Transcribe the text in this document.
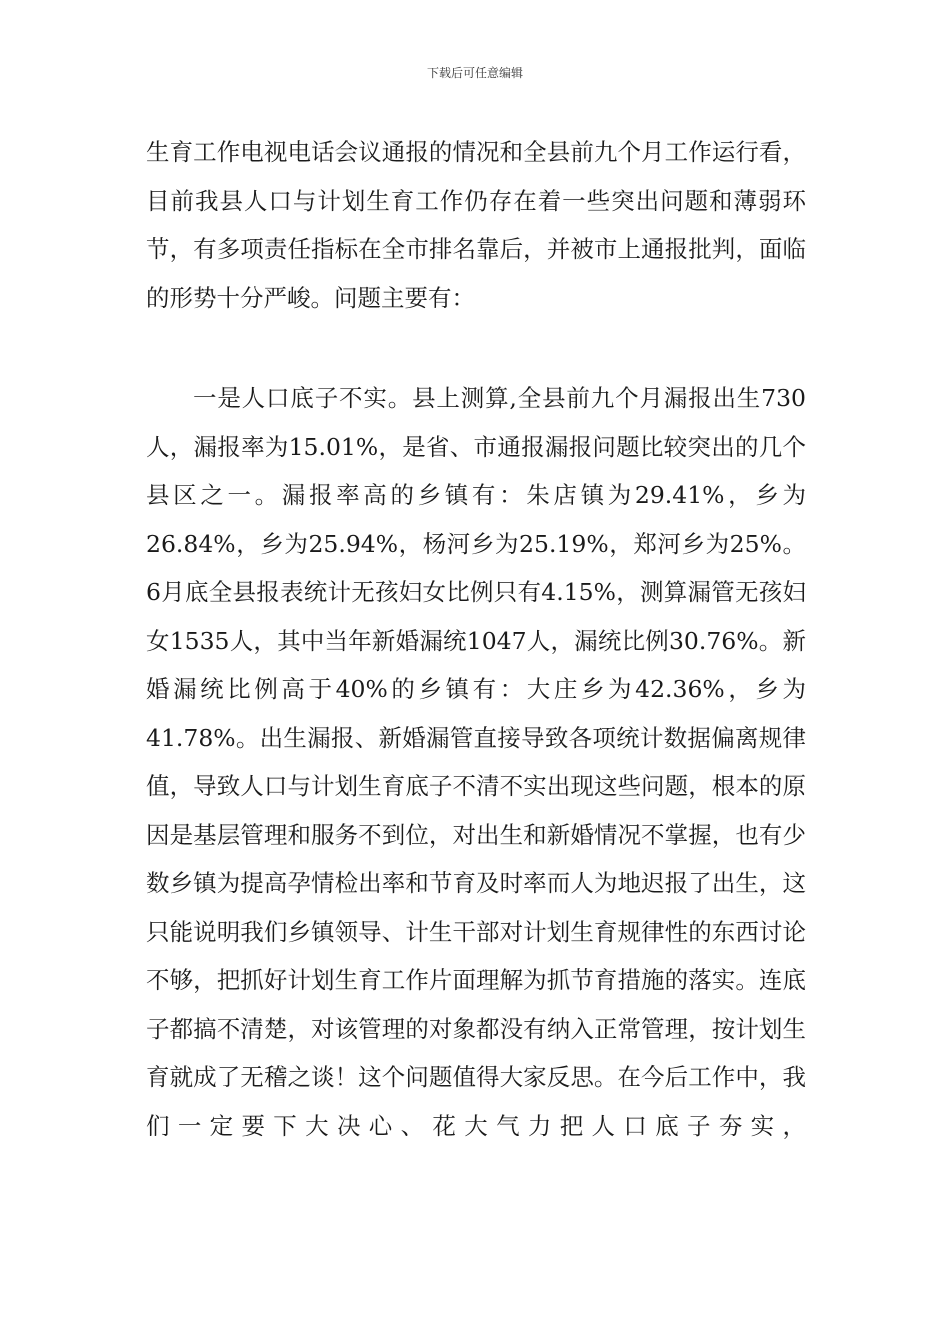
下载后可任意编辑

生育工作电视电话会议通报的情况和全县前九个月工作运行看，目前我县人口与计划生育工作仍存在着一些突出问题和薄弱环节，有多项责任指标在全市排名靠后，并被市上通报批判，面临的形势十分严峻。问题主要有：

一是人口底子不实。县上测算,全县前九个月漏报出生730人，漏报率为15.01%，是省、市通报漏报问题比较突出的几个县区之一。漏报率高的乡镇有：朱店镇为29.41%，乡为26.84%，乡为25.94%，杨河乡为25.19%，郑河乡为25%。6月底全县报表统计无孩妇女比例只有4.15%，测算漏管无孩妇女1535人，其中当年新婚漏统1047人，漏统比例30.76%。新婚漏统比例高于40%的乡镇有：大庄乡为42.36%，乡为41.78%。出生漏报、新婚漏管直接导致各项统计数据偏离规律值，导致人口与计划生育底子不清不实出现这些问题，根本的原因是基层管理和服务不到位，对出生和新婚情况不掌握，也有少数乡镇为提高孕情检出率和节育及时率而人为地迟报了出生，这只能说明我们乡镇领导、计生干部对计划生育规律性的东西讨论不够，把抓好计划生育工作片面理解为抓节育措施的落实。连底子都搞不清楚，对该管理的对象都没有纳入正常管理，按计划生育就成了无稽之谈！这个问题值得大家反思。在今后工作中，我们一定要下大决心、花大气力把人口底子夯实，
